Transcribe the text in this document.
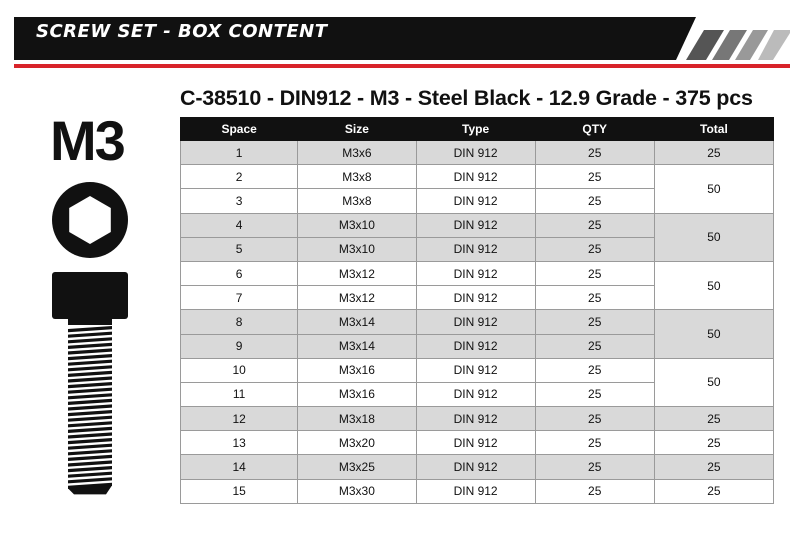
SCREW SET - BOX CONTENT
C-38510 - DIN912 - M3 - Steel Black - 12.9 Grade - 375 pcs
M3	Space	Size	Type	QTY	Total
1	M3x6	DIN 912	25	25
2	M3x8	DIN 912	25	50
3	M3x8	DIN 912	25	
4	M3x10	DIN 912	25	50
5	M3x10	DIN 912	25	
6	M3x12	DIN 912	25	50
7	M3x12	DIN 912	25	
8	M3x14	DIN 912	25	50
9	M3x14	DIN 912	25	
10	M3x16	DIN 912	25	50
11	M3x16	DIN 912	25	
12	M3x18	DIN 912	25	25
13	M3x20	DIN 912	25	25
14	M3x25	DIN 912	25	25
15	M3x30	DIN 912	25	25
